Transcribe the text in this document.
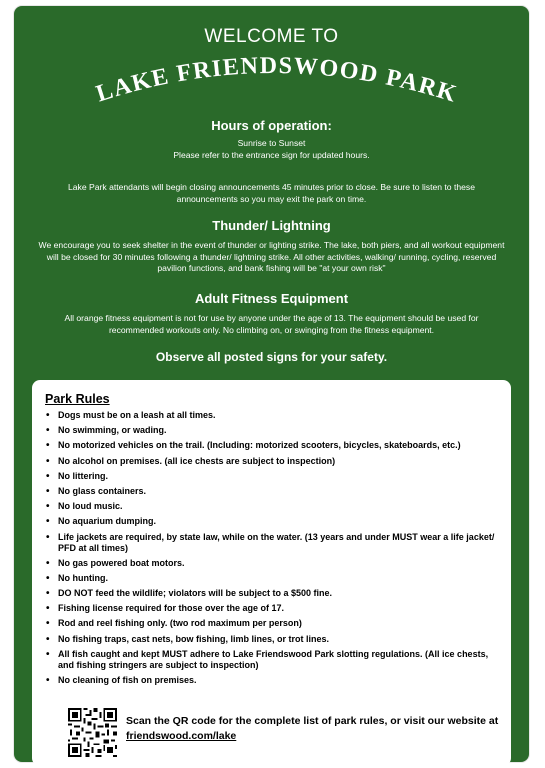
WELCOME TO
LAKE FRIENDSWOOD PARK
Hours of operation:
Sunrise to Sunset
Please refer to the entrance sign for updated hours.
Lake Park attendants will begin closing announcements 45 minutes prior to close. Be sure to listen to these announcements so you may exit the park on time.
Thunder/ Lightning
We encourage you to seek shelter in the event of thunder or lighting strike. The lake, both piers, and all workout equipment will be closed for 30 minutes following a thunder/ lightning strike. All other activities, walking/ running, cycling, reserved pavilion functions, and bank fishing will be "at your own risk"
Adult Fitness Equipment
All orange fitness equipment is not for use by anyone under the age of 13. The equipment should be used for recommended workouts only. No climbing on, or swinging from the fitness equipment.
Observe all posted signs for your safety.
Park Rules
• Dogs must be on a leash at all times.
• No swimming, or wading.
• No motorized vehicles on the trail. (Including: motorized scooters, bicycles, skateboards, etc.)
• No alcohol on premises. (all ice chests are subject to inspection)
• No littering.
• No glass containers.
• No loud music.
• No aquarium dumping.
• Life jackets are required, by state law, while on the water. (13 years and under MUST wear a life jacket/ PFD at all times)
• No gas powered boat motors.
• No hunting.
• DO NOT feed the wildlife; violators will be subject to a $500 fine.
• Fishing license required for those over the age of 17.
• Rod and reel fishing only. (two rod maximum per person)
• No fishing traps, cast nets, bow fishing, limb lines, or trot lines.
• All fish caught and kept MUST adhere to Lake Friendswood Park slotting regulations. (All ice chests, and fishing stringers are subject to inspection)
• No cleaning of fish on premises.
Scan the QR code for the complete list of park rules, or visit our website at friendswood.com/lake
